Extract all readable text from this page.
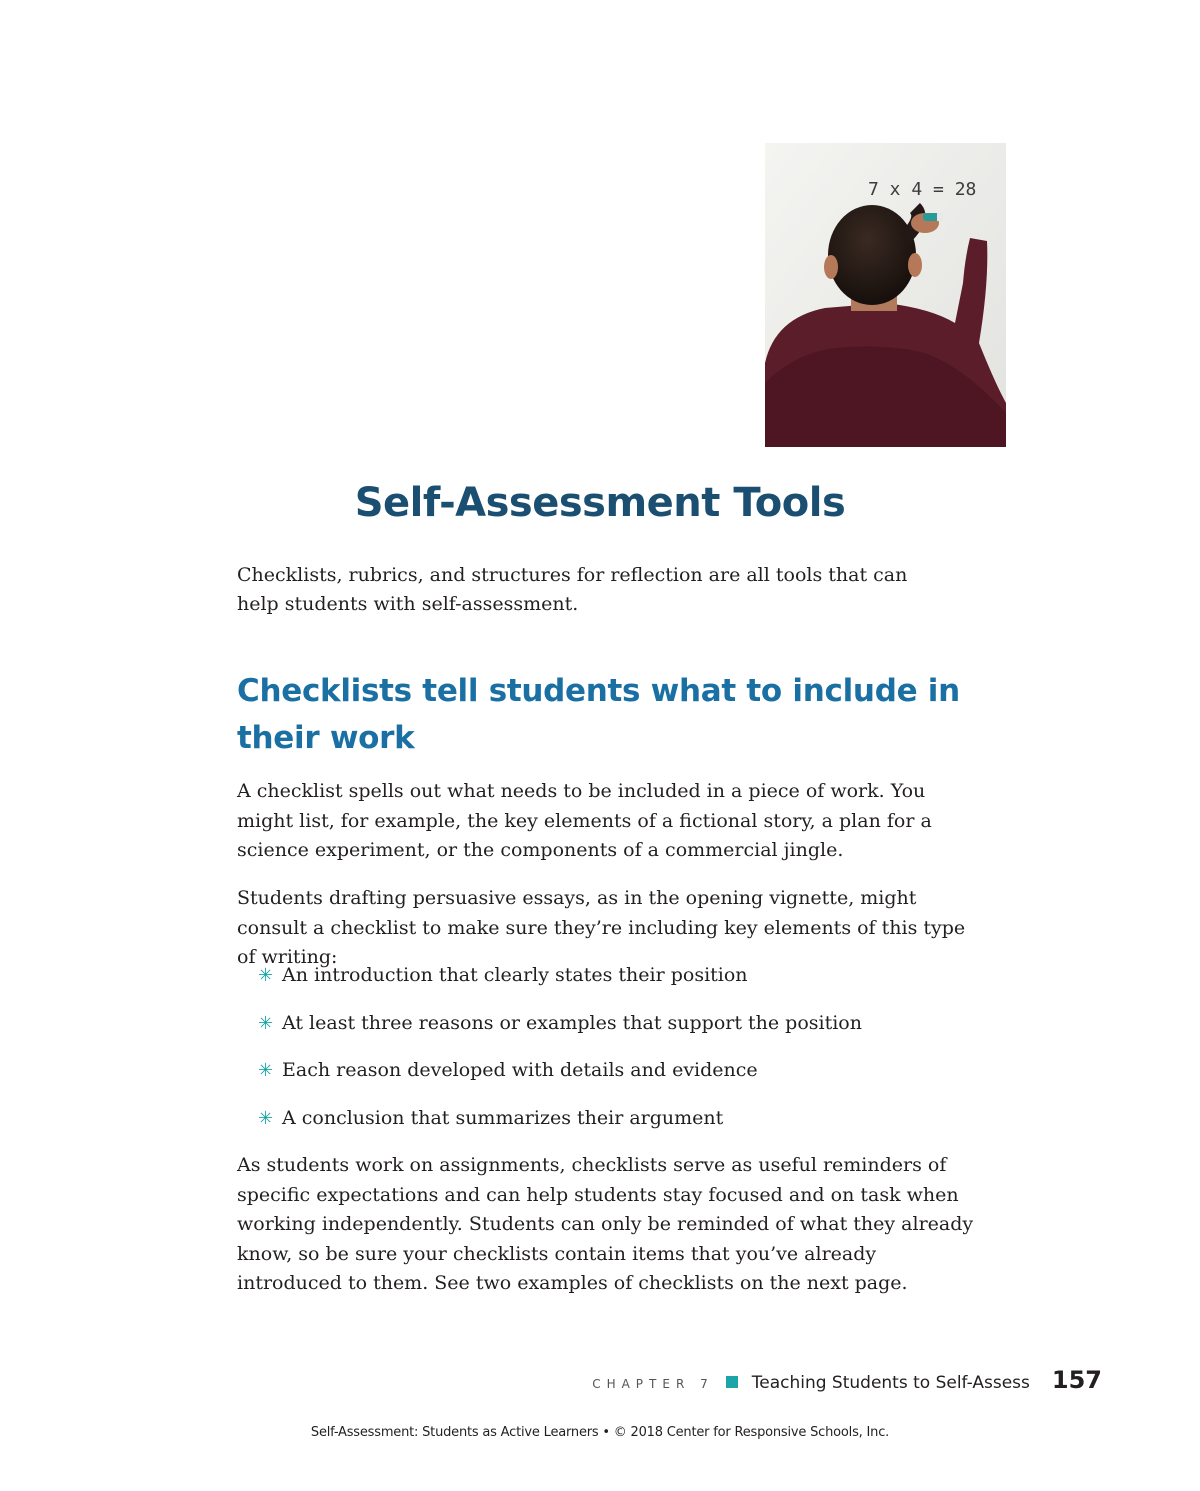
7 x 4 = 28
Self-Assessment Tools

Checklists, rubrics, and structures for reflection are all tools that can help students with self-assessment.

Checklists tell students what to include in their work

A checklist spells out what needs to be included in a piece of work. You might list, for example, the key elements of a fictional story, a plan for a science experiment, or the components of a commercial jingle.

Students drafting persuasive essays, as in the opening vignette, might consult a checklist to make sure they’re including key elements of this type of writing:

✳ An introduction that clearly states their position
✳ At least three reasons or examples that support the position
✳ Each reason developed with details and evidence
✳ A conclusion that summarizes their argument

As students work on assignments, checklists serve as useful reminders of specific expectations and can help students stay focused and on task when working independently. Students can only be reminded of what they already know, so be sure your checklists contain items that you’ve already introduced to them. See two examples of checklists on the next page.

CHAPTER 7 Teaching Students to Self-Assess 157
Self-Assessment: Students as Active Learners • © 2018 Center for Responsive Schools, Inc.
